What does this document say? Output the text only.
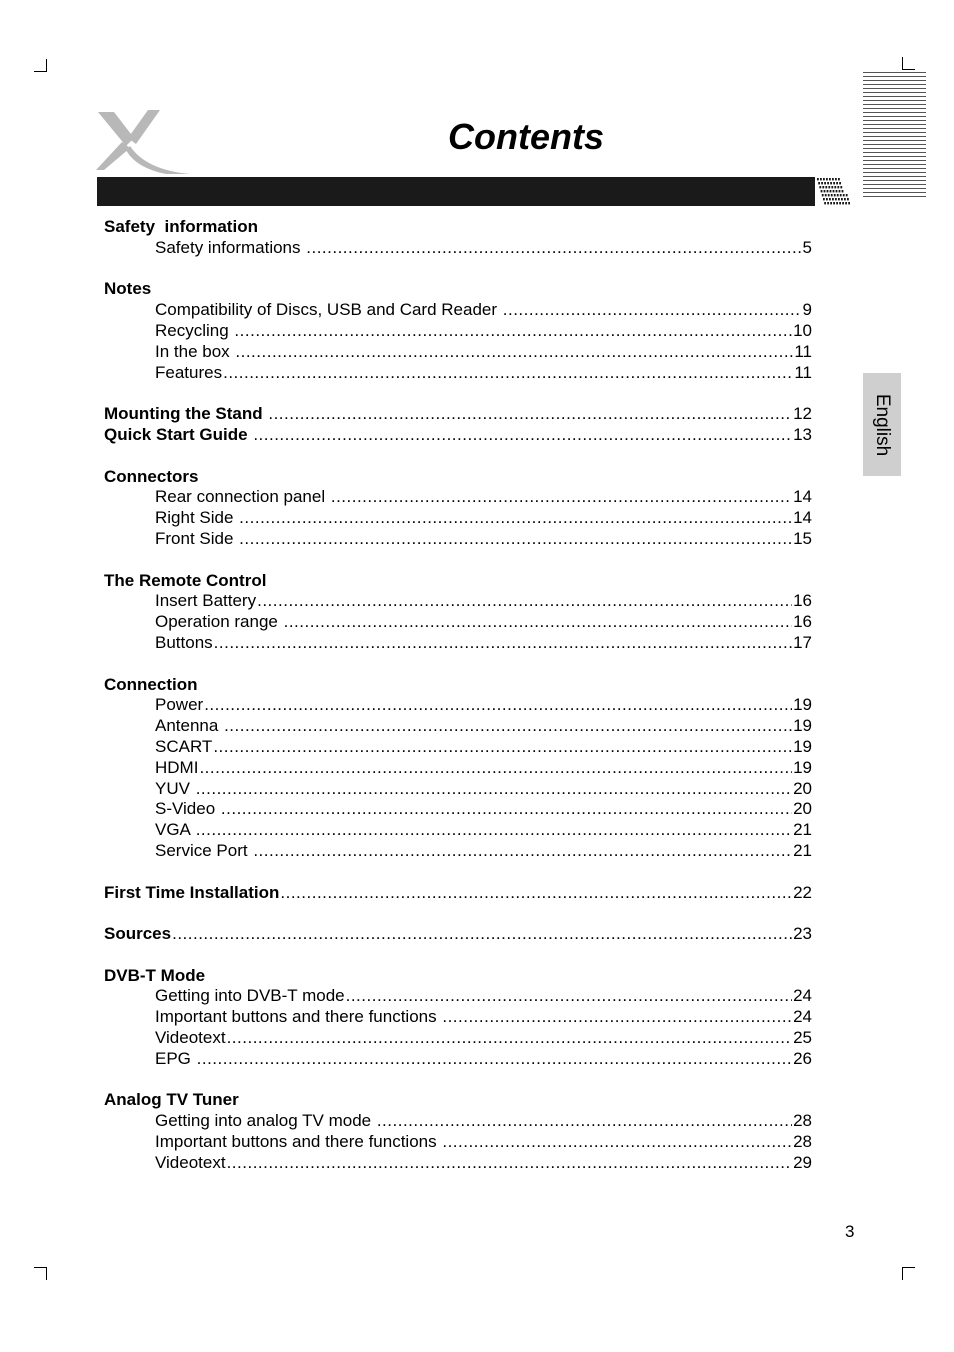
Contents
English
Safety  information
Safety informations .....	5
Notes
Compatibility of Discs, USB and Card Reader .....	9
Recycling .....	10
In the box .....	11
Features .....	11
Mounting the Stand .....	12
Quick Start Guide .....	13
Connectors
Rear connection panel .....	14
Right Side .....	14
Front Side .....	15
The Remote Control
Insert Battery .....	16
Operation range .....	16
Buttons .....	17
Connection
Power .....	19
Antenna .....	19
SCART .....	19
HDMI .....	19
YUV .....	20
S-Video .....	20
VGA .....	21
Service Port .....	21
First Time Installation .....	22
Sources .....	23
DVB-T Mode
Getting into DVB-T mode .....	24
Important buttons and there functions .....	24
Videotext .....	25
EPG .....	26
Analog TV Tuner
Getting into analog TV mode .....	28
Important buttons and there functions .....	28
Videotext .....	29
3
